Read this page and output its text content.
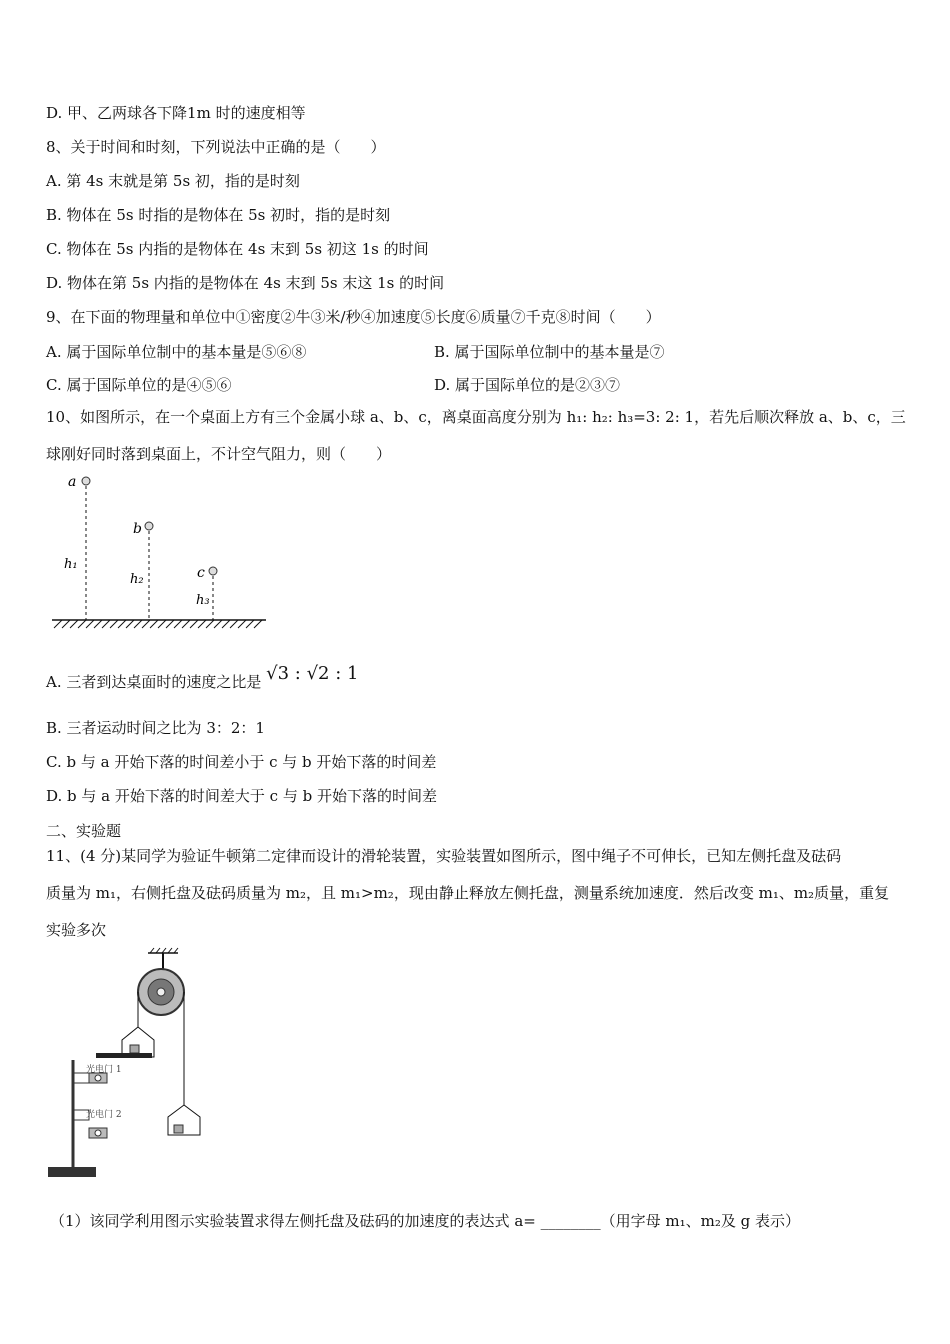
D. 甲、乙两球各下降1m 时的速度相等
8、关于时间和时刻，下列说法中正确的是（　　）
A. 第 4s 末就是第 5s 初，指的是时刻
B. 物体在 5s 时指的是物体在 5s 初时，指的是时刻
C. 物体在 5s 内指的是物体在 4s 末到 5s 初这 1s 的时间
D. 物体在第 5s 内指的是物体在 4s 末到 5s 末这 1s 的时间
9、在下面的物理量和单位中①密度②牛③米/秒④加速度⑤长度⑥质量⑦千克⑧时间（　　）
A. 属于国际单位制中的基本量是⑤⑥⑧	B. 属于国际单位制中的基本量是⑦
C. 属于国际单位的是④⑤⑥	D. 属于国际单位的是②③⑦
10、如图所示，在一个桌面上方有三个金属小球 a、b、c，离桌面高度分别为 h₁: h₂: h₃=3: 2: 1，若先后顺次释放 a、b、c，三
球刚好同时落到桌面上，不计空气阻力，则（　　）
a
b
c
h₁
h₂
h₃
A. 三者到达桌面时的速度之比是 √3 : √2 : 1
B. 三者运动时间之比为 3：2：1
C. b 与 a 开始下落的时间差小于 c 与 b 开始下落的时间差
D. b 与 a 开始下落的时间差大于 c 与 b 开始下落的时间差
二、实验题
11、(4 分)某同学为验证牛顿第二定律而设计的滑轮装置，实验装置如图所示，图中绳子不可伸长，已知左侧托盘及砝码
质量为 m₁，右侧托盘及砝码质量为 m₂，且 m₁>m₂，现由静止释放左侧托盘，测量系统加速度．然后改变 m₁、m₂质量，重复
实验多次
光电门 1
光电门 2
（1）该同学利用图示实验装置求得左侧托盘及砝码的加速度的表达式 a= ________（用字母 m₁、m₂及 g 表示）
